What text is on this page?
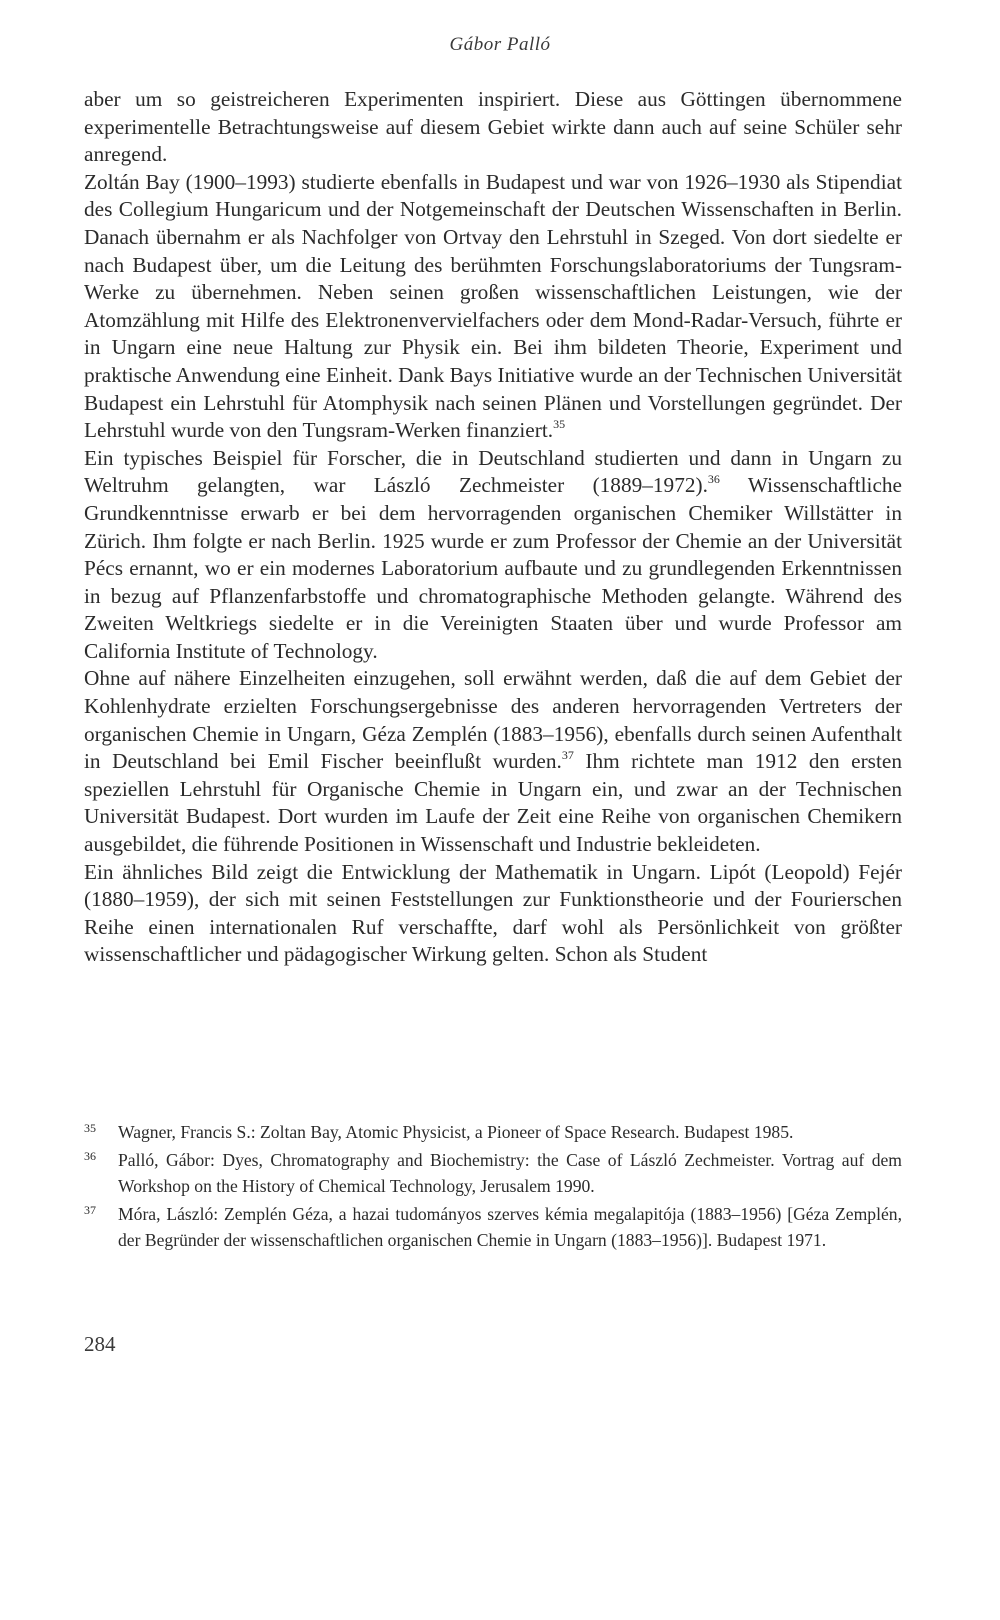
Gábor Palló

aber um so geistreicheren Experimenten inspiriert. Diese aus Göttingen übernommene experimentelle Betrachtungsweise auf diesem Gebiet wirkte dann auch auf seine Schüler sehr anregend.

Zoltán Bay (1900–1993) studierte ebenfalls in Budapest und war von 1926–1930 als Stipendiat des Collegium Hungaricum und der Notgemeinschaft der Deutschen Wissenschaften in Berlin. Danach übernahm er als Nachfolger von Ortvay den Lehrstuhl in Szeged. Von dort siedelte er nach Budapest über, um die Leitung des berühmten Forschungslaboratoriums der Tungsram-Werke zu übernehmen. Neben seinen großen wissenschaftlichen Leistungen, wie der Atomzählung mit Hilfe des Elektronenvervielfachers oder dem Mond-Radar-Versuch, führte er in Ungarn eine neue Haltung zur Physik ein. Bei ihm bildeten Theorie, Experiment und praktische Anwendung eine Einheit. Dank Bays Initiative wurde an der Technischen Universität Budapest ein Lehrstuhl für Atomphysik nach seinen Plänen und Vorstellungen gegründet. Der Lehrstuhl wurde von den Tungsram-Werken finanziert.$^{35}$

Ein typisches Beispiel für Forscher, die in Deutschland studierten und dann in Ungarn zu Weltruhm gelangten, war László Zechmeister (1889–1972).$^{36}$ Wissenschaftliche Grundkenntnisse erwarb er bei dem hervorragenden organischen Chemiker Willstätter in Zürich. Ihm folgte er nach Berlin. 1925 wurde er zum Professor der Chemie an der Universität Pécs ernannt, wo er ein modernes Laboratorium aufbaute und zu grundlegenden Erkenntnissen in bezug auf Pflanzenfarbstoffe und chromatographische Methoden gelangte. Während des Zweiten Weltkriegs siedelte er in die Vereinigten Staaten über und wurde Professor am California Institute of Technology.

Ohne auf nähere Einzelheiten einzugehen, soll erwähnt werden, daß die auf dem Gebiet der Kohlenhydrate erzielten Forschungsergebnisse des anderen hervorragenden Vertreters der organischen Chemie in Ungarn, Géza Zemplén (1883–1956), ebenfalls durch seinen Aufenthalt in Deutschland bei Emil Fischer beeinflußt wurden.$^{37}$ Ihm richtete man 1912 den ersten speziellen Lehrstuhl für Organische Chemie in Ungarn ein, und zwar an der Technischen Universität Budapest. Dort wurden im Laufe der Zeit eine Reihe von organischen Chemikern ausgebildet, die führende Positionen in Wissenschaft und Industrie bekleideten.

Ein ähnliches Bild zeigt die Entwicklung der Mathematik in Ungarn. Lipót (Leopold) Fejér (1880–1959), der sich mit seinen Feststellungen zur Funktionstheorie und der Fourierschen Reihe einen internationalen Ruf verschaffte, darf wohl als Persönlichkeit von größter wissenschaftlicher und pädagogischer Wirkung gelten. Schon als Student

35 Wagner, Francis S.: Zoltan Bay, Atomic Physicist, a Pioneer of Space Research. Budapest 1985.
36 Palló, Gábor: Dyes, Chromatography and Biochemistry: the Case of László Zechmeister. Vortrag auf dem Workshop on the History of Chemical Technology, Jerusalem 1990.
37 Móra, László: Zemplén Géza, a hazai tudományos szerves kémia megalapitója (1883–1956) [Géza Zemplén, der Begründer der wissenschaftlichen organischen Chemie in Ungarn (1883–1956)]. Budapest 1971.
284
